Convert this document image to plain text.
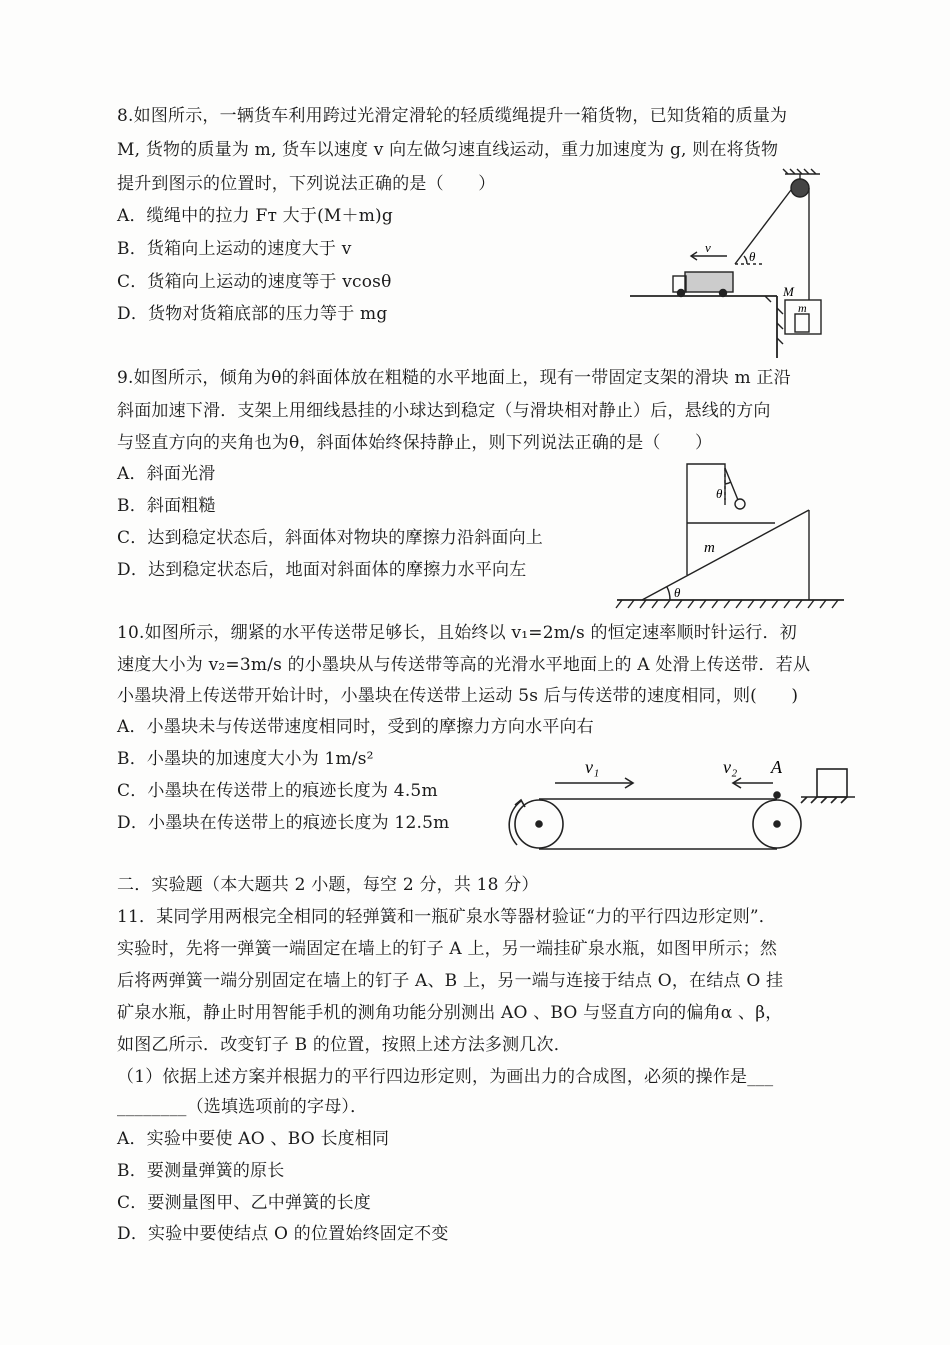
8.如图所示，一辆货车利用跨过光滑定滑轮的轻质缆绳提升一箱货物，已知货箱的质量为
M, 货物的质量为 m, 货车以速度 v 向左做匀速直线运动，重力加速度为 g, 则在将货物
提升到图示的位置时，下列说法正确的是（　　）
A．缆绳中的拉力 Fт 大于(M＋m)g
B．货箱向上运动的速度大于 v
C．货箱向上运动的速度等于 vcosθ
D．货物对货箱底部的压力等于 mg
v
θ
M
m
9.如图所示，倾角为θ的斜面体放在粗糙的水平地面上，现有一带固定支架的滑块 m 正沿
斜面加速下滑．支架上用细线悬挂的小球达到稳定（与滑块相对静止）后，悬线的方向
与竖直方向的夹角也为θ，斜面体始终保持静止，则下列说法正确的是（　　）
A．斜面光滑
B．斜面粗糙
C．达到稳定状态后，斜面体对物块的摩擦力沿斜面向上
D．达到稳定状态后，地面对斜面体的摩擦力水平向左
θ
m
θ
10.如图所示，绷紧的水平传送带足够长，且始终以 v₁=2m/s 的恒定速率顺时针运行．初
速度大小为 v₂=3m/s 的小墨块从与传送带等高的光滑水平地面上的 A 处滑上传送带．若从
小墨块滑上传送带开始计时，小墨块在传送带上运动 5s 后与传送带的速度相同，则(　　)
A．小墨块未与传送带速度相同时，受到的摩擦力方向水平向右
B．小墨块的加速度大小为 1m/s²
C．小墨块在传送带上的痕迹长度为 4.5m
D．小墨块在传送带上的痕迹长度为 12.5m
v₁	v₂ A
二．实验题（本大题共 2 小题，每空 2 分，共 18 分）
11．某同学用两根完全相同的轻弹簧和一瓶矿泉水等器材验证“力的平行四边形定则”．
实验时，先将一弹簧一端固定在墙上的钉子 A 上，另一端挂矿泉水瓶，如图甲所示；然
后将两弹簧一端分别固定在墙上的钉子 A、B 上，另一端与连接于结点 O，在结点 O 挂
矿泉水瓶，静止时用智能手机的测角功能分别测出 AO 、BO 与竖直方向的偏角α 、β，
如图乙所示．改变钉子 B 的位置，按照上述方法多测几次．
（1）依据上述方案并根据力的平行四边形定则，为画出力的合成图，必须的操作是___
________（选填选项前的字母）．
A．实验中要使 AO 、BO 长度相同
B．要测量弹簧的原长
C．要测量图甲、乙中弹簧的长度
D．实验中要使结点 O 的位置始终固定不变
